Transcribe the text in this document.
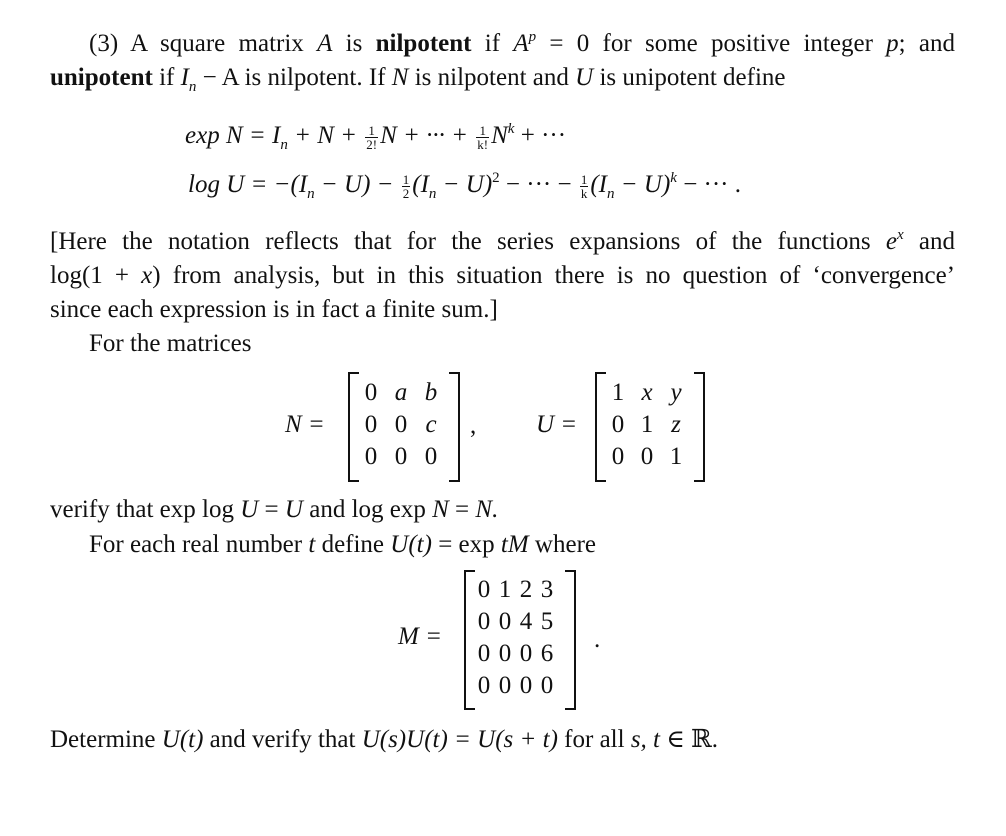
(3) A square matrix A is nilpotent if $A^p = 0$ for some positive integer p; and
unipotent if $I_n - A$ is nilpotent. If N is nilpotent and U is unipotent define
$\exp N = I_n + N + \frac{1}{2!}$ N + ··· + $\frac{1}{k!} N^k$ + ···
$\log U = -(I_n - U) - \frac{1}{2} (I_n - U)^2$ − ··· − $\frac{1}{k} (I_n - U)^k$ − ··· .
[Here the notation reflects that for the series expansions of the functions $e^x$ and
log(1 + x) from analysis, but in this situation there is no question of ‘convergence’
since each expression is in fact a finite sum.]
For the matrices
N =
0 a b
0 0 c
0 0 0
, U =
1 x y
0 1 z
0 0 1
verify that exp log U = U and log exp N = N.
For each real number t define U(t) = exp tM where
M =
0 1 2 3
0 0 4 5
0 0 0 6
0 0 0 0
.
Determine U(t) and verify that U(s)U(t) = U(s + t) for all s, t ∈ ℝ.
